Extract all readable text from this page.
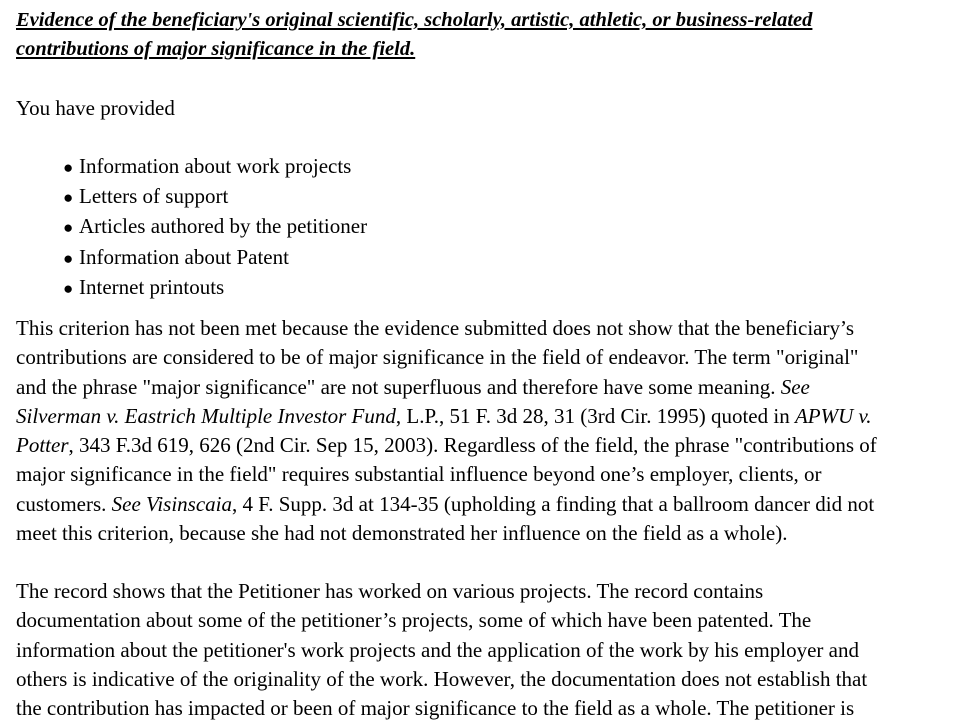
Evidence of the beneficiary's original scientific, scholarly, artistic, athletic, or business-related
contributions of major significance in the field.
You have provided
● Information about work projects
● Letters of support
● Articles authored by the petitioner
● Information about Patent
● Internet printouts
This criterion has not been met because the evidence submitted does not show that the beneficiary’s
contributions are considered to be of major significance in the field of endeavor. The term "original"
and the phrase "major significance" are not superfluous and therefore have some meaning. See
Silverman v. Eastrich Multiple Investor Fund, L.P., 51 F. 3d 28, 31 (3rd Cir. 1995) quoted in APWU v.
Potter, 343 F.3d 619, 626 (2nd Cir. Sep 15, 2003). Regardless of the field, the phrase "contributions of
major significance in the field" requires substantial influence beyond one’s employer, clients, or
customers. See Visinscaia, 4 F. Supp. 3d at 134-35 (upholding a finding that a ballroom dancer did not
meet this criterion, because she had not demonstrated her influence on the field as a whole).
The record shows that the Petitioner has worked on various projects. The record contains
documentation about some of the petitioner’s projects, some of which have been patented. The
information about the petitioner's work projects and the application of the work by his employer and
others is indicative of the originality of the work. However, the documentation does not establish that
the contribution has impacted or been of major significance to the field as a whole. The petitioner is
